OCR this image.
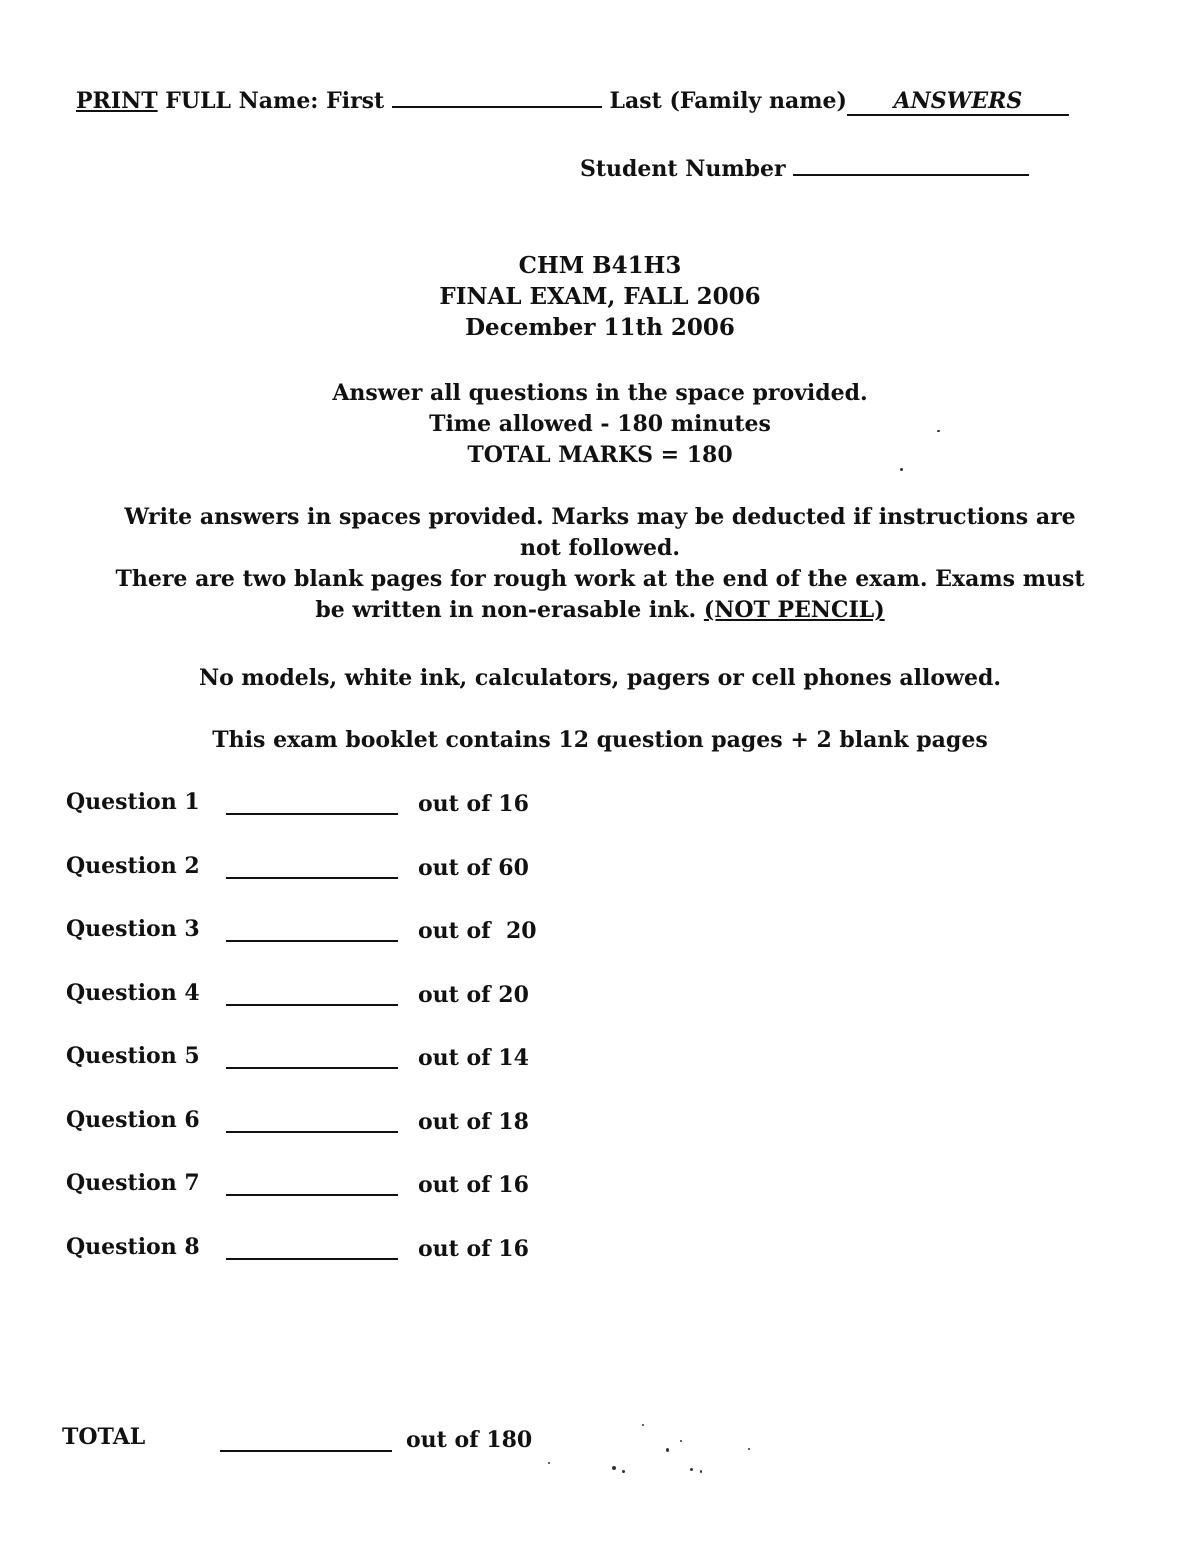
PRINT FULL Name: First	Last (Family name) ANSWERS
Student Number
CHM B41H3
FINAL EXAM, FALL 2006
December 11th 2006
Answer all questions in the space provided.
Time allowed - 180 minutes
TOTAL MARKS = 180
Write answers in spaces provided. Marks may be deducted if instructions are
not followed.
There are two blank pages for rough work at the end of the exam. Exams must
be written in non-erasable ink. (NOT PENCIL)
No models, white ink, calculators, pagers or cell phones allowed.
This exam booklet contains 12 question pages + 2 blank pages
Question 1	out of 16
Question 2	out of 60
Question 3	out of  20
Question 4	out of 20
Question 5	out of 14
Question 6	out of 18
Question 7	out of 16
Question 8	out of 16
TOTAL	out of 180
